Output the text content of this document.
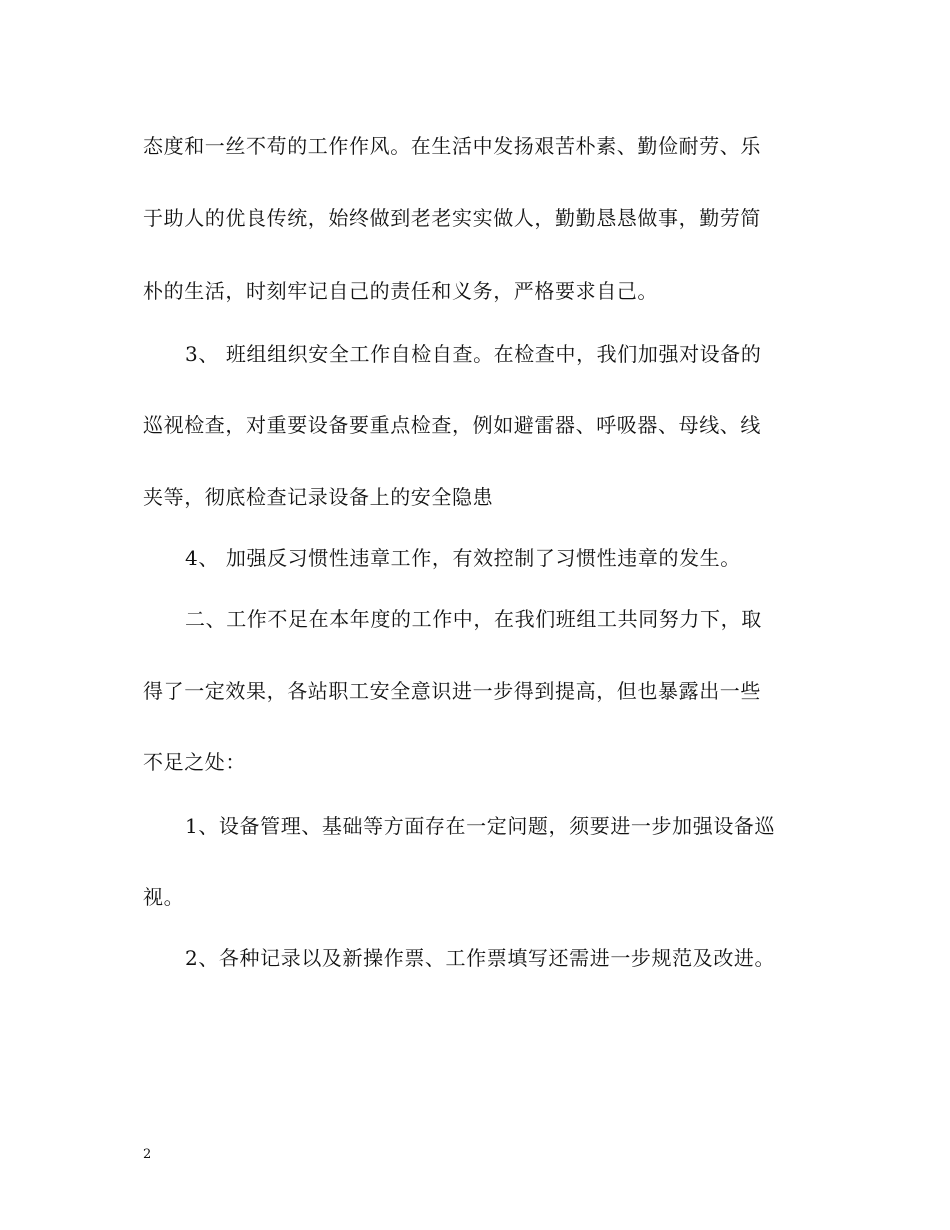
态度和一丝不苟的工作作风。在生活中发扬艰苦朴素、勤俭耐劳、乐
于助人的优良传统，始终做到老老实实做人，勤勤恳恳做事，勤劳简
朴的生活，时刻牢记自己的责任和义务，严格要求自己。
3、 班组组织安全工作自检自查。在检查中，我们加强对设备的
巡视检查，对重要设备要重点检查，例如避雷器、呼吸器、母线、线
夹等，彻底检查记录设备上的安全隐患
4、 加强反习惯性违章工作，有效控制了习惯性违章的发生。
二、工作不足在本年度的工作中，在我们班组工共同努力下，取
得了一定效果，各站职工安全意识进一步得到提高，但也暴露出一些
不足之处：
1、设备管理、基础等方面存在一定问题，须要进一步加强设备巡
视。
2、各种记录以及新操作票、工作票填写还需进一步规范及改进。
2
